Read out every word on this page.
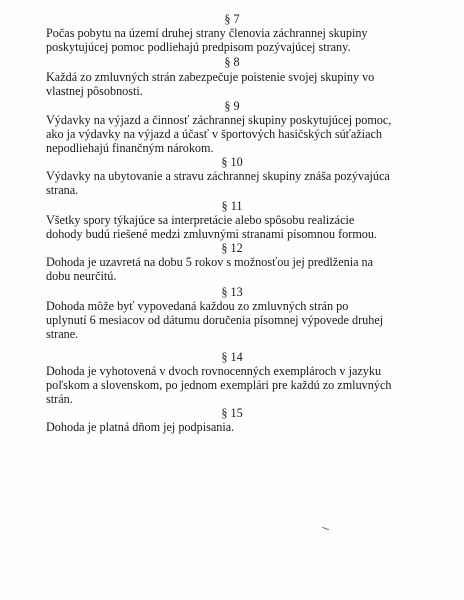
§ 7
Počas pobytu na území druhej strany členovia záchrannej skupiny
poskytujúcej pomoc podliehajú predpisom pozývajúcej strany.
§ 8
Každá zo zmluvných strán zabezpečuje poistenie svojej skupiny vo
vlastnej pôsobnosti.
§ 9
Výdavky na výjazd a činnosť záchrannej skupiny poskytujúcej pomoc,
ako ja výdavky na výjazd a účasť v športových hasičských súťažiach
nepodliehajú finančným nárokom.
§ 10
Výdavky na ubytovanie a stravu záchrannej skupiny znáša pozývajúca
strana.
§ 11
Všetky spory týkajúce sa interpretácie alebo spôsobu realizácie
dohody budú riešené medzi zmluvnými stranami písomnou formou.
§ 12
Dohoda je uzavretá na dobu 5 rokov s možnosťou jej predlženia na
dobu neurčitú.
§ 13
Dohoda môže byť vypovedaná každou zo zmluvných strán po
uplynutí 6 mesiacov od dátumu doručenia písomnej výpovede druhej
strane.
§ 14
Dohoda je vyhotovená v dvoch rovnocenných exemplároch v jazyku
poľskom a slovenskom, po jednom exemplári pre každú zo zmluvných
strán.
§ 15
Dohoda je platná dňom jej podpisania.
